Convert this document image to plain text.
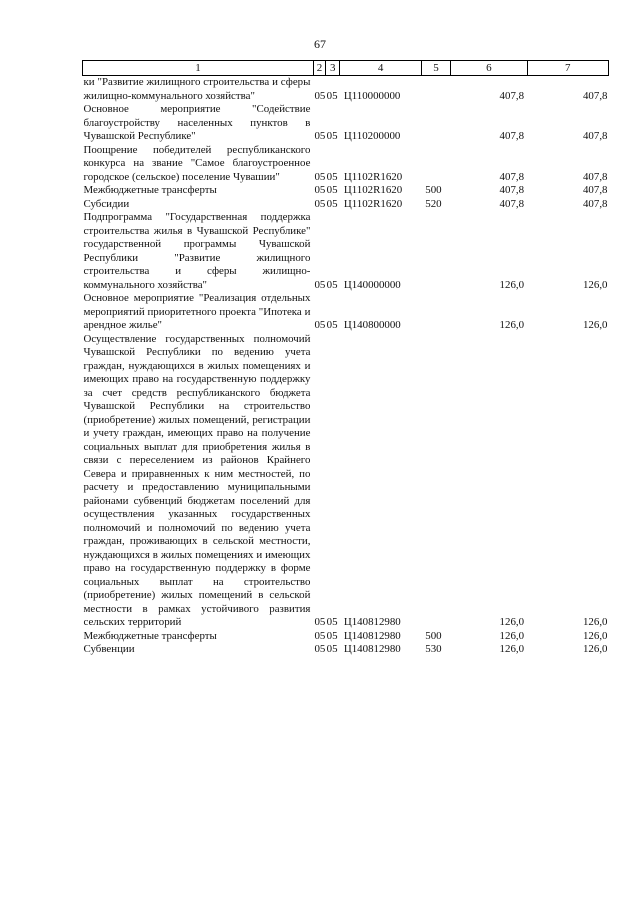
67
1	2	3	4	5	6	7
ки "Развитие жилищного строительства и сферы жилищно-коммунального хозяйства"	05	05	Ц110000000		407,8	407,8
Основное мероприятие "Содействие благоустройству населенных пунктов в Чувашской Республике"	05	05	Ц110200000		407,8	407,8
Поощрение победителей республиканского конкурса на звание "Самое благоустроенное городское (сельское) поселение Чувашии"	05	05	Ц1102R1620		407,8	407,8
Межбюджетные трансферты	05	05	Ц1102R1620	500	407,8	407,8
Субсидии	05	05	Ц1102R1620	520	407,8	407,8
Подпрограмма "Государственная поддержка строительства жилья в Чувашской Республике" государственной программы Чувашской Республики "Развитие жилищного строительства и сферы жилищно-коммунального хозяйства"	05	05	Ц140000000		126,0	126,0
Основное мероприятие "Реализация отдельных мероприятий приоритетного проекта "Ипотека и арендное жилье"	05	05	Ц140800000		126,0	126,0
Осуществление государственных полномочий Чувашской Республики по ведению учета граждан, нуждающихся в жилых помещениях и имеющих право на государственную поддержку за счет средств республиканского бюджета Чувашской Республики на строительство (приобретение) жилых помещений, регистрации и учету граждан, имеющих право на получение социальных выплат для приобретения жилья в связи с переселением из районов Крайнего Севера и приравненных к ним местностей, по расчету и предоставлению муниципальными районами субвенций бюджетам поселений для осуществления указанных государственных полномочий и полномочий по ведению учета граждан, проживающих в сельской местности, нуждающихся в жилых помещениях и имеющих право на государственную поддержку в форме социальных выплат на строительство (приобретение) жилых помещений в сельской местности в рамках устойчивого развития сельских территорий	05	05	Ц140812980		126,0	126,0
Межбюджетные трансферты	05	05	Ц140812980	500	126,0	126,0
Субвенции	05	05	Ц140812980	530	126,0	126,0
